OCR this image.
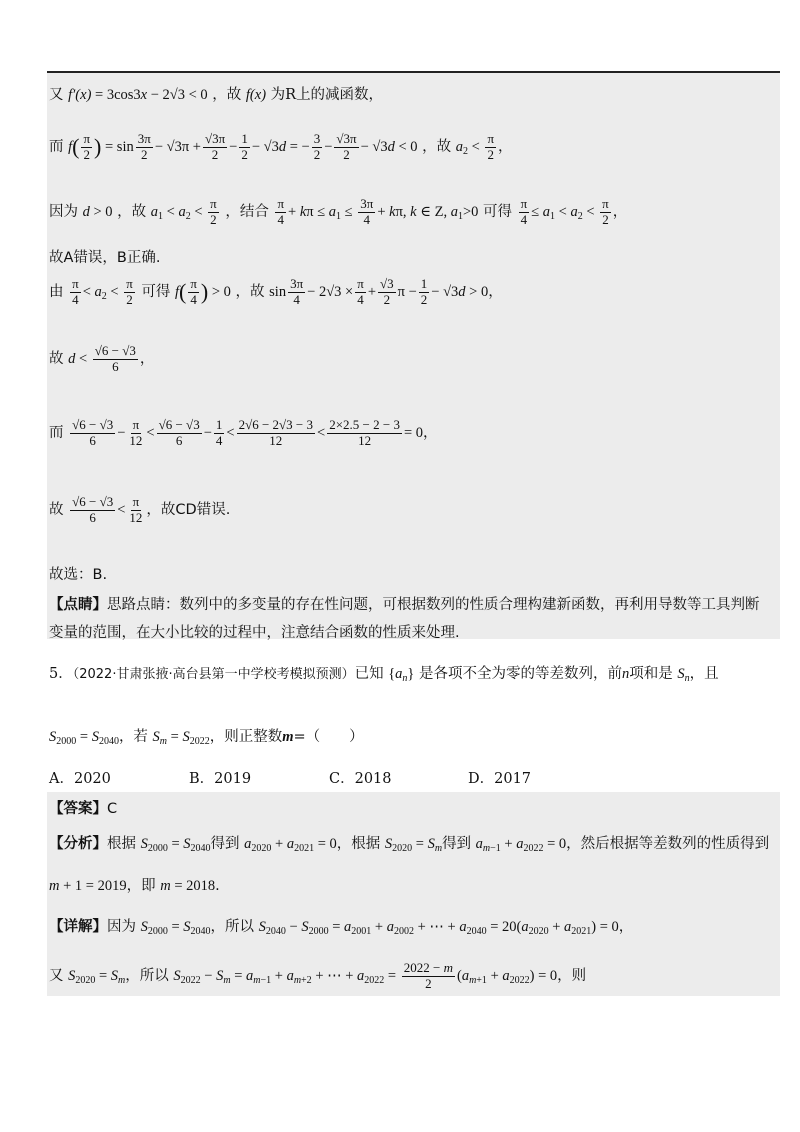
又 f′(x) = 3cos3x − 2√3 < 0 ，故 f(x) 为R上的减函数，
而 $f( \frac{\pi}{2}$ ) = $\sin \frac{3\pi}{2} - √3\pi + \frac{√3\pi}{2} - \frac{1}{2} - √3d$ = − $\frac{3}{2} - \frac{√3\pi}{2} - √3d < 0$ ，故 $a_2 < \frac{\pi}{2}$ ，
因为 d > 0 ，故 $a_1 < a_2 < \frac{\pi}{2}$ ，结合 $\frac{\pi}{4} + k\pi \le a_1 \le \frac{3\pi}{4} + k\pi$, k ∈ Z, $a_1>0$ 可得 $\frac{\pi}{4} \le a_1 < a_2 < \frac{\pi}{2}$ ，
故A错误，B正确.
由 $\frac{\pi}{4} < a_2 < \frac{\pi}{2}$ 可得 $f( \frac{\pi}{4}$ ) > 0 ，故 $\sin \frac{3\pi}{4} - 2√3 \times \frac{\pi}{4} + \frac{√3}{2}$ $\pi - \frac{1}{2} - √3d > 0$，
故 $d < \frac{√6 - √3}{6}$ ，
而 $\frac{√6 - √3}{6} - \frac{\pi}{12} < \frac{√6 - √3}{6} - \frac{1}{4} < \frac{2√6 - 2√3 - 3}{12} < \frac{2\times 2.5 - 2 - 3}{12} = 0$，
故 $\frac{√6 - √3}{6} < \frac{\pi}{12}$ ，故CD错误.
故选：B.
【点睛】思路点睛：数列中的多变量的存在性问题，可根据数列的性质合理构建新函数，再利用导数等工具判断
变量的范围，在大小比较的过程中，注意结合函数的性质来处理.
5．（2022·甘肃张掖·高台县第一中学校考模拟预测）已知 $\{a_n\}$ 是各项不全为零的等差数列，前n项和是 $S_n$，且
$S_{2000} = S_{2040}$，若 $S_m = S_{2022}$，则正整数m=（　　）
A．2020	B．2019	C．2018	D．2017
【答案】C
【分析】根据 $S_{2000} = S_{2040}$得到 $a_{2020} + a_{2021} = 0$，根据 $S_{2020} = S_m$得到 $a_{m-1} + a_{2022} = 0$，然后根据等差数列的性质得到
m + 1 = 2019，即 m = 2018.
【详解】因为 $S_{2000} = S_{2040}$，所以 $S_{2040} - S_{2000} = a_{2001} + a_{2002}$ + ⋯ + $a_{2040} = 20(a_{2020} + a_{2021}) = 0$，
又 $S_{2020} = S_m$，所以 $S_{2022} - S_m = a_{m-1} + a_{m+2}$ + ⋯ + $a_{2022} = \frac{2022 - m}{2} (a_{m+1} + a_{2022}) = 0$，则
